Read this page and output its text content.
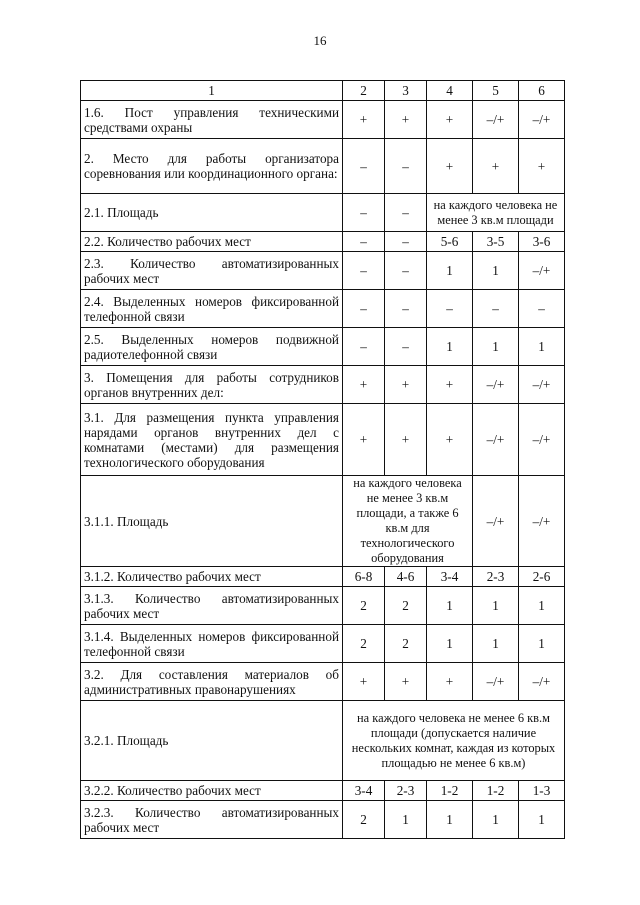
16
1	2	3	4	5	6
1.6. Пост управления техническими средствами охраны	+	+	+	–/+	–/+
2. Место для работы организатора соревнования или координационного органа:	–	–	+	+	+
2.1. Площадь	–	–	на каждого человека не менее 3 кв.м площади		
2.2. Количество рабочих мест	–	–	5-6	3-5	3-6
2.3. Количество автоматизированных рабочих мест	–	–	1	1	–/+
2.4. Выделенных номеров фиксированной телефонной связи	–	–	–	–	–
2.5. Выделенных номеров подвижной радиотелефонной связи	–	–	1	1	1
3. Помещения для работы сотрудников органов внутренних дел:	+	+	+	–/+	–/+
3.1. Для размещения пункта управления нарядами органов внутренних дел с комнатами (местами) для размещения технологического оборудования	+	+	+	–/+	–/+
3.1.1. Площадь	на каждого человека не менее 3 кв.м площади, а также 6 кв.м для технологического оборудования			–/+	–/+
3.1.2. Количество рабочих мест	6-8	4-6	3-4	2-3	2-6
3.1.3. Количество автоматизированных рабочих мест	2	2	1	1	1
3.1.4. Выделенных номеров фиксированной телефонной связи	2	2	1	1	1
3.2. Для составления материалов об административных правонарушениях	+	+	+	–/+	–/+
3.2.1. Площадь	на каждого человека не менее 6 кв.м площади (допускается наличие нескольких комнат, каждая из которых площадью не менее 6 кв.м)				
3.2.2. Количество рабочих мест	3-4	2-3	1-2	1-2	1-3
3.2.3. Количество автоматизированных рабочих мест	2	1	1	1	1
